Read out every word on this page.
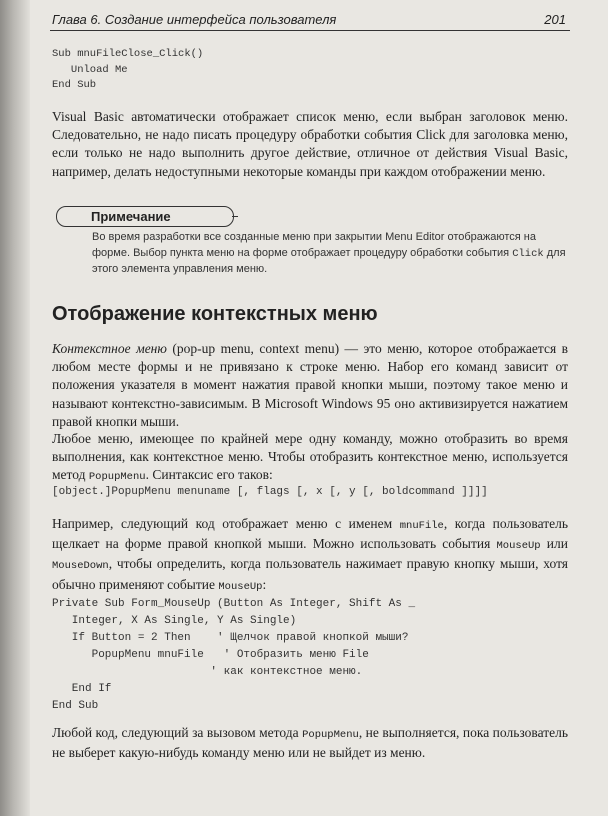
Глава 6. Создание интерфейса пользователя	201
Sub mnuFileClose_Click()
Unload Me
End Sub
Visual Basic автоматически отображает список меню, если выбран заголовок меню. Следовательно, не надо писать процедуру обработки события Click для заголовка меню, если только не надо выполнить другое действие, отличное от действия Visual Basic, например, делать недоступными некоторые команды при каждом отображении меню.
Примечание
Во время разработки все созданные меню при закрытии Menu Editor отображаются на форме. Выбор пункта меню на форме отображает процедуру обработки события Click для этого элемента управления меню.
Отображение контекстных меню
Контекстное меню (pop-up menu, context menu) — это меню, которое отображается в любом месте формы и не привязано к строке меню. Набор его команд зависит от положения указателя в момент нажатия правой кнопки мыши, поэтому такое меню и называют контекстно-зависимым. В Microsoft Windows 95 оно активизируется нажатием правой кнопки мыши.
Любое меню, имеющее по крайней мере одну команду, можно отобразить во время выполнения, как контекстное меню. Чтобы отобразить контекстное меню, используется метод PopupMenu. Синтаксис его таков:
[object.]PopupMenu menuname [, flags [, x [, y [, boldcommand ]]]]
Например, следующий код отображает меню с именем mnuFile, когда пользователь щелкает на форме правой кнопкой мыши. Можно использовать события MouseUp или MouseDown, чтобы определить, когда пользователь нажимает правую кнопку мыши, хотя обычно применяют событие MouseUp:
Private Sub Form_MouseUp (Button As Integer, Shift As _
Integer, X As Single, Y As Single)
If Button = 2 Then    ' Щелчок правой кнопкой мыши?
PopupMenu mnuFile   ' Отобразить меню File
' как контекстное меню.
End If
End Sub
Любой код, следующий за вызовом метода PopupMenu, не выполняется, пока пользователь не выберет какую-нибудь команду меню или не выйдет из меню.
